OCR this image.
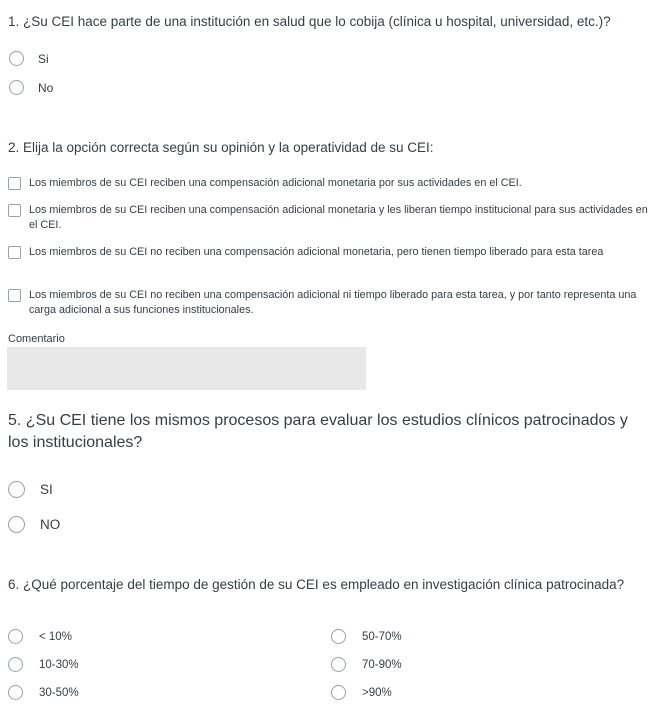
1. ¿Su CEI hace parte de una institución en salud que lo cobija (clínica u hospital, universidad, etc.)?

Si
No

2. Elija la opción correcta según su opinión y la operatividad de su CEI:

Los miembros de su CEI reciben una compensación adicional monetaria por sus actividades en el CEI.
Los miembros de su CEI reciben una compensación adicional monetaria y les liberan tiempo institucional para sus actividades en el CEI.
Los miembros de su CEI no reciben una compensación adicional monetaria, pero tienen tiempo liberado para esta tarea
Los miembros de su CEI no reciben una compensación adicional ni tiempo liberado para esta tarea, y por tanto representa una carga adicional a sus funciones institucionales.
Comentario

5. ¿Su CEI tiene los mismos procesos para evaluar los estudios clínicos patrocinados y los institucionales?

SI
NO

6. ¿Qué porcentaje del tiempo de gestión de su CEI es empleado en investigación clínica patrocinada?

< 10%
10-30%
30-50%
50-70%
70-90%
>90%
